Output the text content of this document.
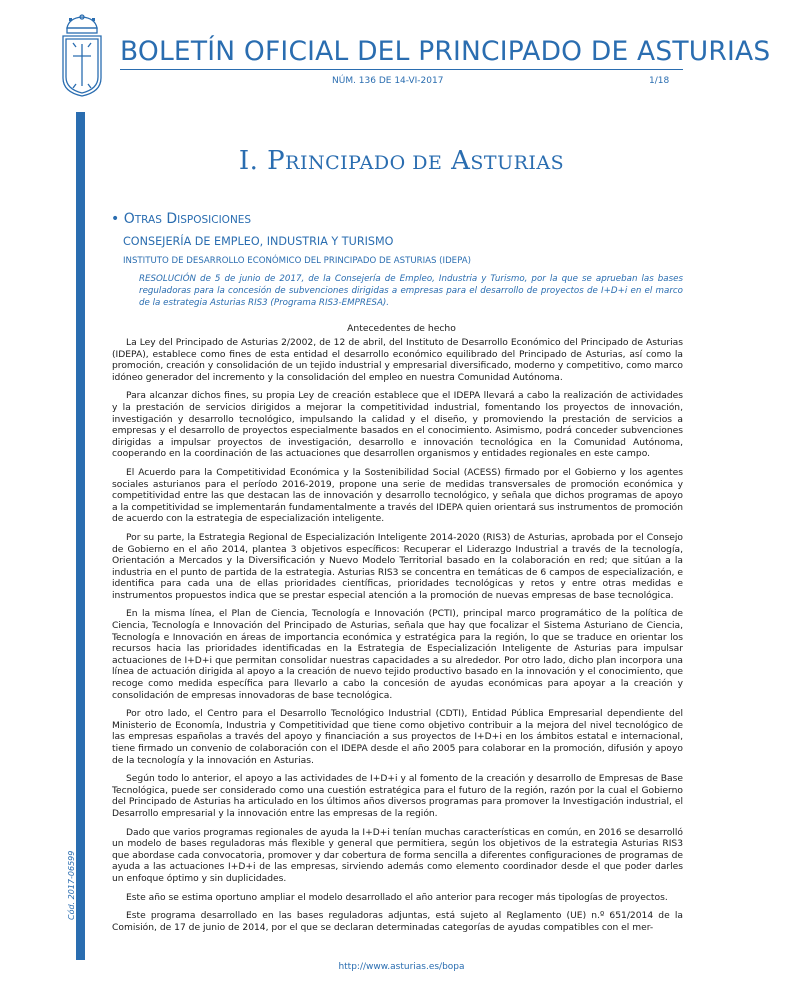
Cód. 2017-06599
BOLETÍN OFICIAL DEL PRINCIPADO DE ASTURIAS
NÚM. 136 DE 14-VI-2017	1/18
I. PRINCIPADO DE ASTURIAS
• OTRAS DISPOSICIONES
CONSEJERÍA DE EMPLEO, INDUSTRIA Y TURISMO
INSTITUTO DE DESARROLLO ECONÓMICO DEL PRINCIPADO DE ASTURIAS (IDEPA)
RESOLUCIÓN de 5 de junio de 2017, de la Consejería de Empleo, Industria y Turismo, por la que se aprueban las bases reguladoras para la concesión de subvenciones dirigidas a empresas para el desarrollo de proyectos de I+D+i en el marco de la estrategia Asturias RIS3 (Programa RIS3-EMPRESA).
Antecedentes de hecho

La Ley del Principado de Asturias 2/2002, de 12 de abril, del Instituto de Desarrollo Económico del Principado de Asturias (IDEPA), establece como fines de esta entidad el desarrollo económico equilibrado del Principado de Asturias, así como la promoción, creación y consolidación de un tejido industrial y empresarial diversificado, moderno y competitivo, como marco idóneo generador del incremento y la consolidación del empleo en nuestra Comunidad Autónoma.

Para alcanzar dichos fines, su propia Ley de creación establece que el IDEPA llevará a cabo la realización de actividades y la prestación de servicios dirigidos a mejorar la competitividad industrial, fomentando los proyectos de innovación, investigación y desarrollo tecnológico, impulsando la calidad y el diseño, y promoviendo la prestación de servicios a empresas y el desarrollo de proyectos especialmente basados en el conocimiento. Asimismo, podrá conceder subvenciones dirigidas a impulsar proyectos de investigación, desarrollo e innovación tecnológica en la Comunidad Autónoma, cooperando en la coordinación de las actuaciones que desarrollen organismos y entidades regionales en este campo.

El Acuerdo para la Competitividad Económica y la Sostenibilidad Social (ACESS) firmado por el Gobierno y los agentes sociales asturianos para el período 2016-2019, propone una serie de medidas transversales de promoción económica y competitividad entre las que destacan las de innovación y desarrollo tecnológico, y señala que dichos programas de apoyo a la competitividad se implementarán fundamentalmente a través del IDEPA quien orientará sus instrumentos de promoción de acuerdo con la estrategia de especialización inteligente.

Por su parte, la Estrategia Regional de Especialización Inteligente 2014-2020 (RIS3) de Asturias, aprobada por el Consejo de Gobierno en el año 2014, plantea 3 objetivos específicos: Recuperar el Liderazgo Industrial a través de la tecnología, Orientación a Mercados y la Diversificación y Nuevo Modelo Territorial basado en la colaboración en red; que sitúan a la industria en el punto de partida de la estrategia. Asturias RIS3 se concentra en temáticas de 6 campos de especialización, e identifica para cada una de ellas prioridades científicas, prioridades tecnológicas y retos y entre otras medidas e instrumentos propuestos indica que se prestar especial atención a la promoción de nuevas empresas de base tecnológica.

En la misma línea, el Plan de Ciencia, Tecnología e Innovación (PCTI), principal marco programático de la política de Ciencia, Tecnología e Innovación del Principado de Asturias, señala que hay que focalizar el Sistema Asturiano de Ciencia, Tecnología e Innovación en áreas de importancia económica y estratégica para la región, lo que se traduce en orientar los recursos hacia las prioridades identificadas en la Estrategia de Especialización Inteligente de Asturias para impulsar actuaciones de I+D+i que permitan consolidar nuestras capacidades a su alrededor. Por otro lado, dicho plan incorpora una línea de actuación dirigida al apoyo a la creación de nuevo tejido productivo basado en la innovación y el conocimiento, que recoge como medida específica para llevarlo a cabo la concesión de ayudas económicas para apoyar a la creación y consolidación de empresas innovadoras de base tecnológica.

Por otro lado, el Centro para el Desarrollo Tecnológico Industrial (CDTI), Entidad Pública Empresarial dependiente del Ministerio de Economía, Industria y Competitividad que tiene como objetivo contribuir a la mejora del nivel tecnológico de las empresas españolas a través del apoyo y financiación a sus proyectos de I+D+i en los ámbitos estatal e internacional, tiene firmado un convenio de colaboración con el IDEPA desde el año 2005 para colaborar en la promoción, difusión y apoyo de la tecnología y la innovación en Asturias.

Según todo lo anterior, el apoyo a las actividades de I+D+i y al fomento de la creación y desarrollo de Empresas de Base Tecnológica, puede ser considerado como una cuestión estratégica para el futuro de la región, razón por la cual el Gobierno del Principado de Asturias ha articulado en los últimos años diversos programas para promover la Investigación industrial, el Desarrollo empresarial y la innovación entre las empresas de la región.

Dado que varios programas regionales de ayuda la I+D+i tenían muchas características en común, en 2016 se desarrolló un modelo de bases reguladoras más flexible y general que permitiera, según los objetivos de la estrategia Asturias RIS3 que abordase cada convocatoria, promover y dar cobertura de forma sencilla a diferentes configuraciones de programas de ayuda a las actuaciones I+D+i de las empresas, sirviendo además como elemento coordinador desde el que poder darles un enfoque óptimo y sin duplicidades.

Este año se estima oportuno ampliar el modelo desarrollado el año anterior para recoger más tipologías de proyectos.

Este programa desarrollado en las bases reguladoras adjuntas, está sujeto al Reglamento (UE) n.º 651/2014 de la Comisión, de 17 de junio de 2014, por el que se declaran determinadas categorías de ayudas compatibles con el mer-

http://www.asturias.es/bopa
